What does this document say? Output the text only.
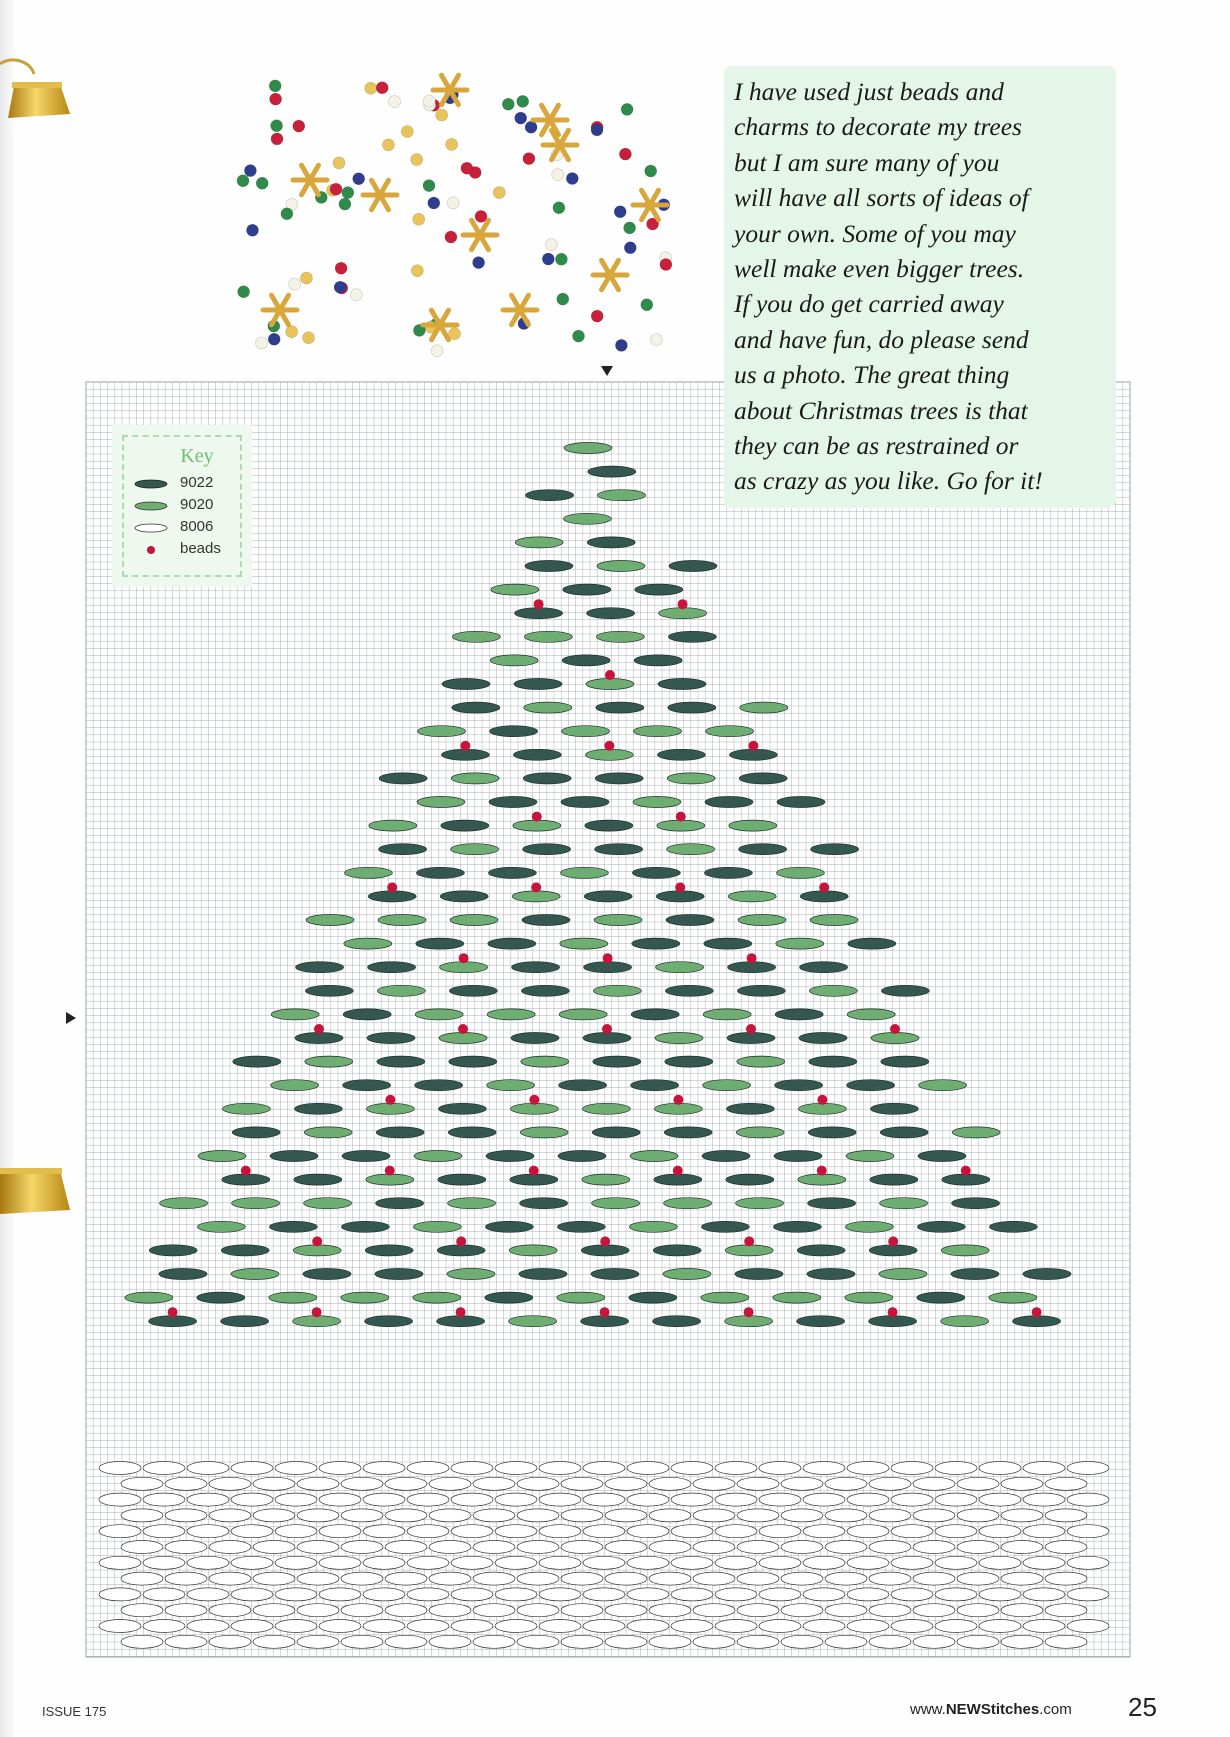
I have used just beads and
charms to decorate my trees
but I am sure many of you
will have all sorts of ideas of
your own. Some of you may
well make even bigger trees.
If you do get carried away
and have fun, do please send
us a photo. The great thing
about Christmas trees is that
they can be as restrained or
as crazy as you like. Go for it!
Key
9022
9020
8006
beads
ISSUE 175	www.NEWStitches.com 25
